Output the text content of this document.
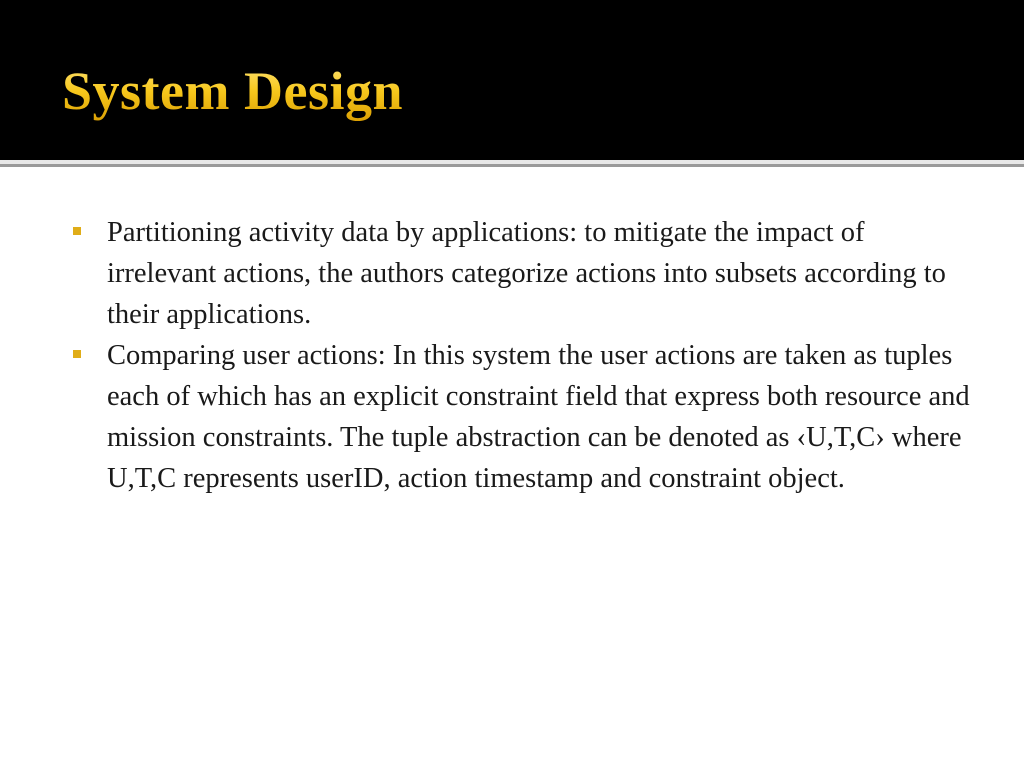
System Design
Partitioning activity data by applications: to mitigate the impact of irrelevant actions, the authors categorize actions into subsets according to their applications.
Comparing user actions: In this system the user actions are taken as tuples each of which has an explicit constraint field that express both resource and mission constraints. The tuple abstraction can be denoted as ‹U,T,C› where U,T,C represents userID, action timestamp and constraint object.
